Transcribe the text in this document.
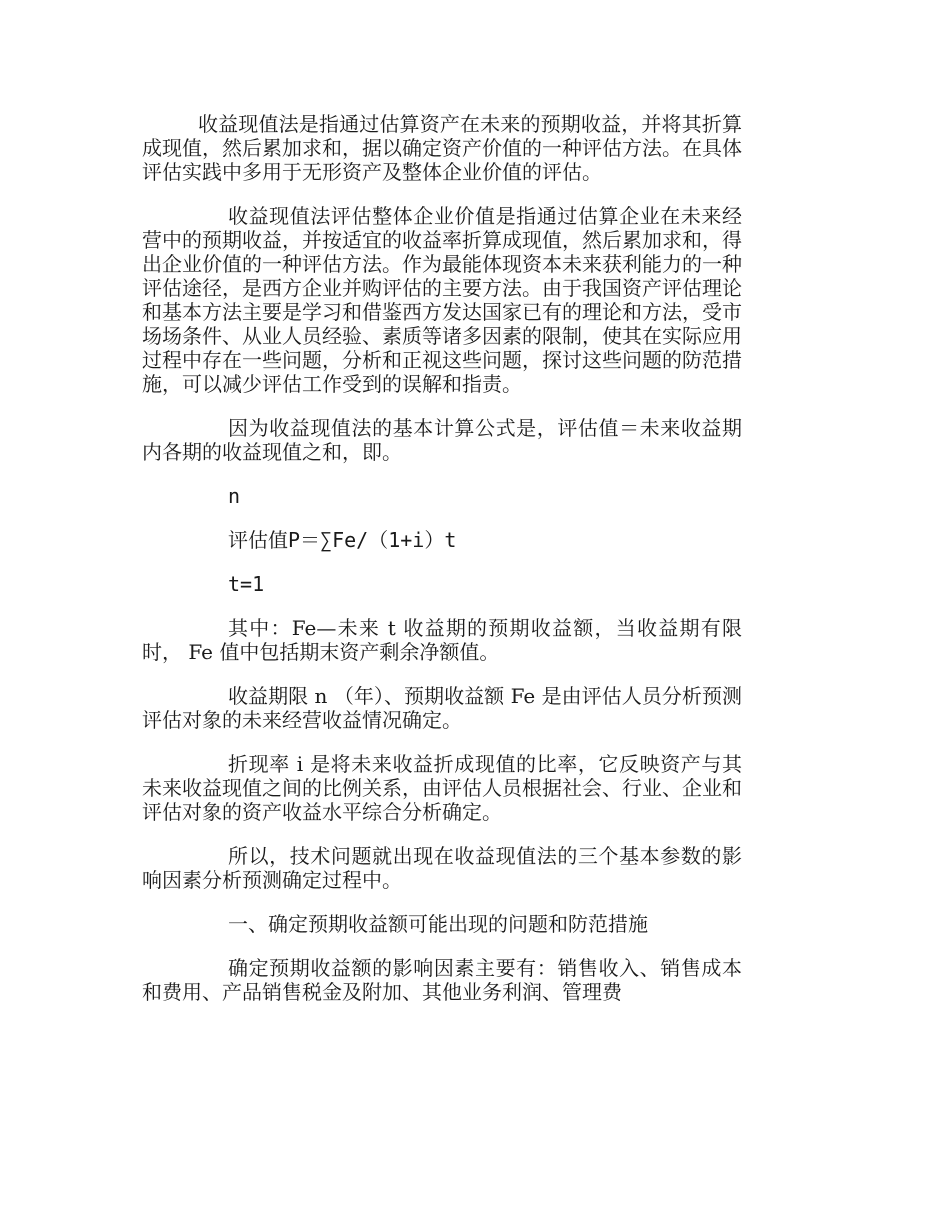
收益现值法是指通过估算资产在未来的预期收益，并将其折算成现值，然后累加求和，据以确定资产价值的一种评估方法。在具体评估实践中多用于无形资产及整体企业价值的评估。

收益现值法评估整体企业价值是指通过估算企业在未来经营中的预期收益，并按适宜的收益率折算成现值，然后累加求和，得出企业价值的一种评估方法。作为最能体现资本未来获利能力的一种评估途径，是西方企业并购评估的主要方法。由于我国资产评估理论和基本方法主要是学习和借鉴西方发达国家已有的理论和方法，受市场场条件、从业人员经验、素质等诸多因素的限制，使其在实际应用过程中存在一些问题，分析和正视这些问题，探讨这些问题的防范措施，可以减少评估工作受到的误解和指责。

因为收益现值法的基本计算公式是，评估值＝未来收益期内各期的收益现值之和，即。

n
评估值P＝∑Fe/（1+i）t
t=1

其中：Fe—未来 t 收益期的预期收益额，当收益期有限时， Fe 值中包括期末资产剩余净额值。

收益期限 n （年）、预期收益额 Fe 是由评估人员分析预测评估对象的未来经营收益情况确定。

折现率 i 是将未来收益折成现值的比率，它反映资产与其未来收益现值之间的比例关系，由评估人员根据社会、行业、企业和评估对象的资产收益水平综合分析确定。

所以，技术问题就出现在收益现值法的三个基本参数的影响因素分析预测确定过程中。

一、确定预期收益额可能出现的问题和防范措施

确定预期收益额的影响因素主要有：销售收入、销售成本和费用、产品销售税金及附加、其他业务利润、管理费
